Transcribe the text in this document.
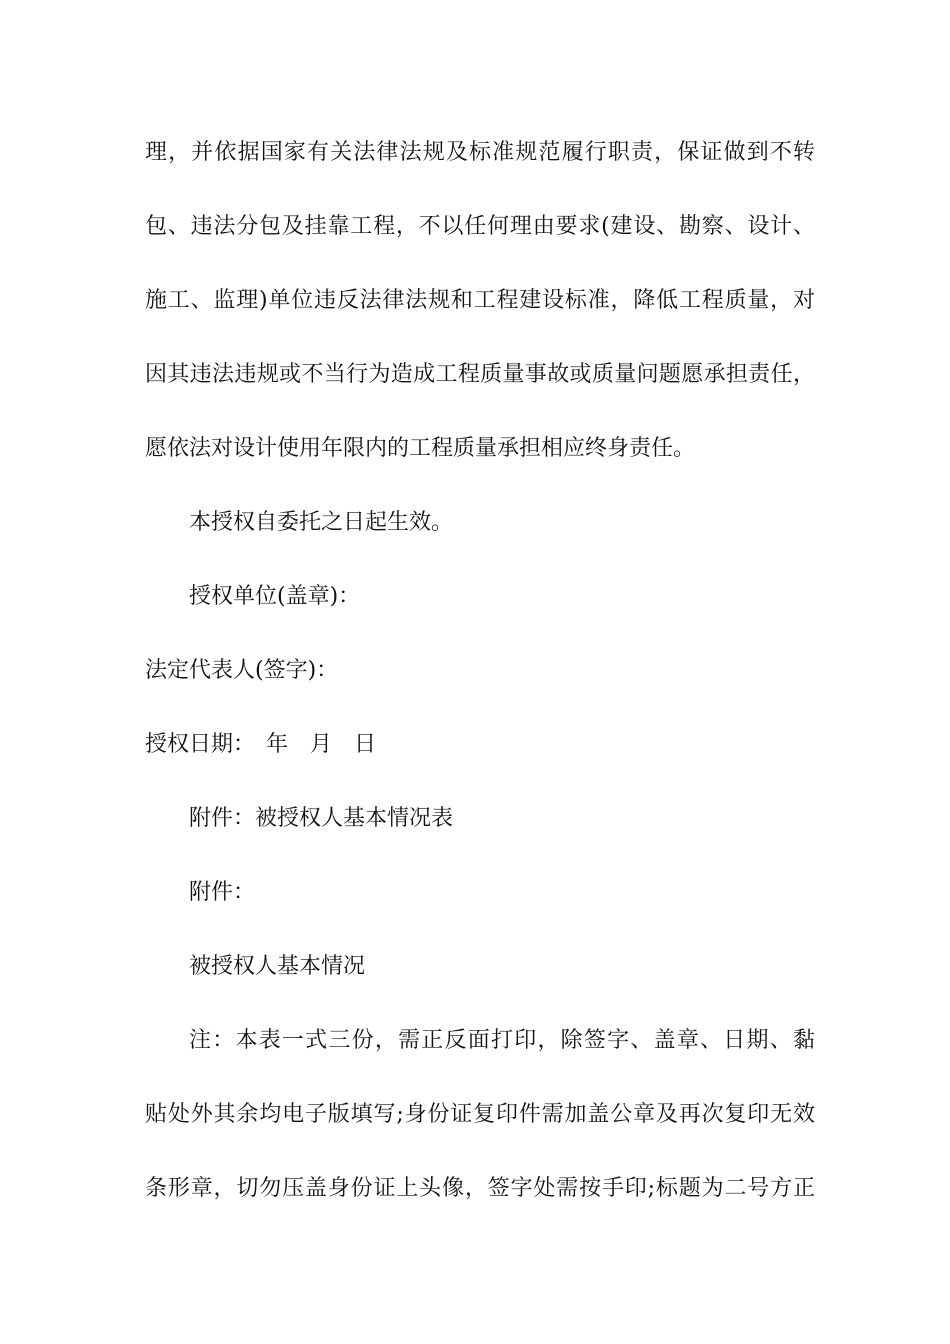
理，并依据国家有关法律法规及标准规范履行职责，保证做到不转

包、违法分包及挂靠工程，不以任何理由要求(建设、勘察、设计、

施工、监理)单位违反法律法规和工程建设标准，降低工程质量，对

因其违法违规或不当行为造成工程质量事故或质量问题愿承担责任，

愿依法对设计使用年限内的工程质量承担相应终身责任。

本授权自委托之日起生效。

授权单位(盖章)：

法定代表人(签字)：

授权日期：　年　月　日

附件：被授权人基本情况表

附件：

被授权人基本情况

注：本表一式三份，需正反面打印，除签字、盖章、日期、黏

贴处外其余均电子版填写;身份证复印件需加盖公章及再次复印无效

条形章，切勿压盖身份证上头像，签字处需按手印;标题为二号方正
